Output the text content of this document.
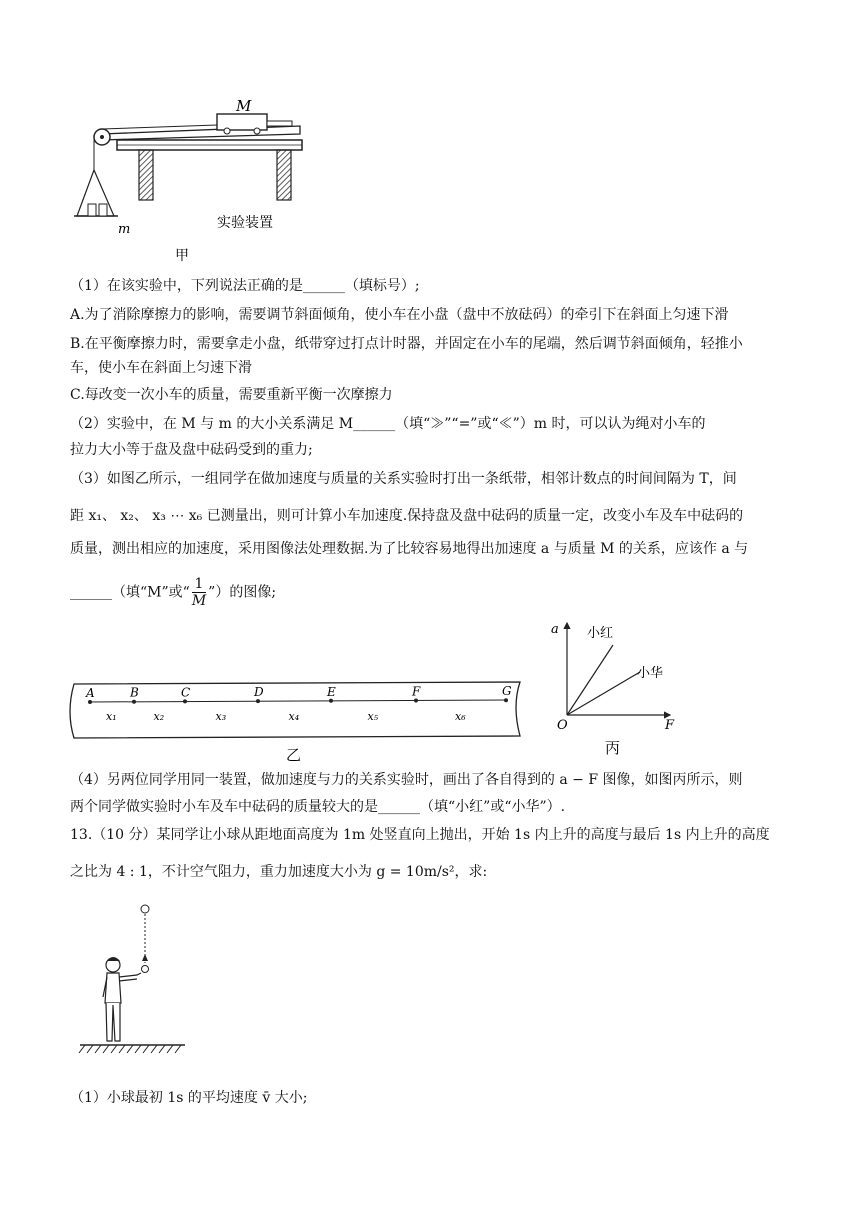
M
m	实验装置
甲
（1）在该实验中，下列说法正确的是______（填标号）;
A.为了消除摩擦力的影响，需要调节斜面倾角，使小车在小盘（盘中不放砝码）的牵引下在斜面上匀速下滑
B.在平衡摩擦力时，需要拿走小盘，纸带穿过打点计时器，并固定在小车的尾端，然后调节斜面倾角，轻推小
车，使小车在斜面上匀速下滑
C.每改变一次小车的质量，需要重新平衡一次摩擦力
（2）实验中，在 M 与 m 的大小关系满足 M______（填“≫”“=”或“≪”）m 时，可以认为绳对小车的
拉力大小等于盘及盘中砝码受到的重力;
（3）如图乙所示，一组同学在做加速度与质量的关系实验时打出一条纸带，相邻计数点的时间间隔为 T，间
距 x₁、 x₂、 x₃ ⋯ x₆ 已测量出，则可计算小车加速度.保持盘及盘中砝码的质量一定，改变小车及车中砝码的
质量，测出相应的加速度，采用图像法处理数据.为了比较容易地得出加速度 a 与质量 M 的关系，应该作 a 与
______（填“M”或“ $\frac{1}{M}$ ”）的图像;
A	B	C	D	E	F	G
x₁	x₂	x₃	x₄	x₅	x₆
乙
a
F
O
小红
小华
丙
（4）另两位同学用同一装置，做加速度与力的关系实验时，画出了各自得到的 a − F 图像，如图丙所示，则
两个同学做实验时小车及车中砝码的质量较大的是______（填“小红”或“小华”）.
13.（10 分）某同学让小球从距地面高度为 1m 处竖直向上抛出，开始 1s 内上升的高度与最后 1s 内上升的高度
之比为 4 : 1，不计空气阻力，重力加速度大小为 g = 10m/s²，求:
（1）小球最初 1s 的平均速度 v̄ 大小;
